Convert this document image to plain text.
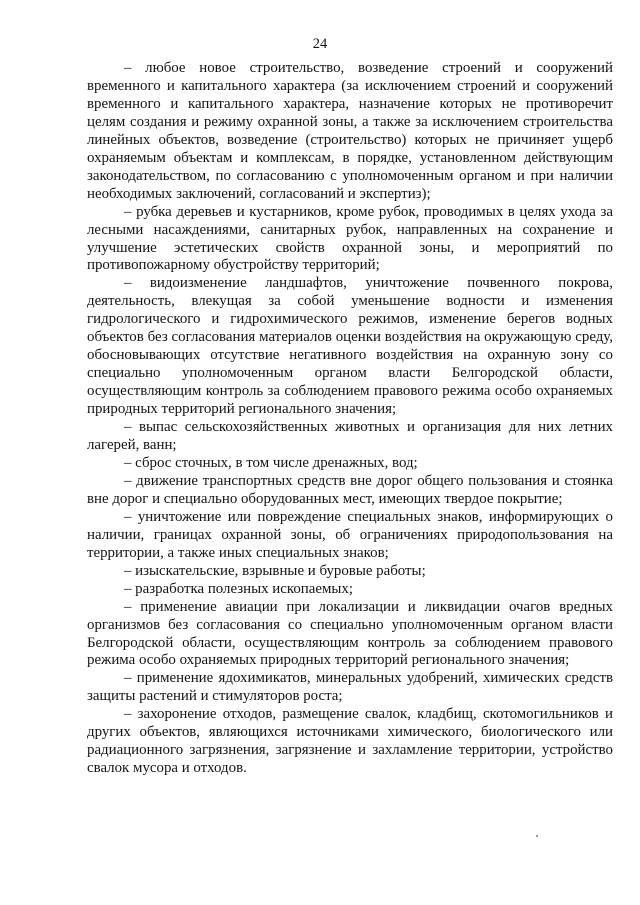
24

– любое новое строительство, возведение строений и сооружений временного и капитального характера (за исключением строений и сооружений временного и капитального характера, назначение которых не противоречит целям создания и режиму охранной зоны, а также за исключением строительства линейных объектов, возведение (строительство) которых не причиняет ущерб охраняемым объектам и комплексам, в порядке, установленном действующим законодательством, по согласованию с уполномоченным органом и при наличии необходимых заключений, согласований и экспертиз);

– рубка деревьев и кустарников, кроме рубок, проводимых в целях ухода за лесными насаждениями, санитарных рубок, направленных на сохранение и улучшение эстетических свойств охранной зоны, и мероприятий по противопожарному обустройству территорий;

– видоизменение ландшафтов, уничтожение почвенного покрова, деятельность, влекущая за собой уменьшение водности и изменения гидрологического и гидрохимического режимов, изменение берегов водных объектов без согласования материалов оценки воздействия на окружающую среду, обосновывающих отсутствие негативного воздействия на охранную зону со специально уполномоченным органом власти Белгородской области, осуществляющим контроль за соблюдением правового режима особо охраняемых природных территорий регионального значения;

– выпас сельскохозяйственных животных и организация для них летних лагерей, ванн;

– сброс сточных, в том числе дренажных, вод;

– движение транспортных средств вне дорог общего пользования и стоянка вне дорог и специально оборудованных мест, имеющих твердое покрытие;

– уничтожение или повреждение специальных знаков, информирующих о наличии, границах охранной зоны, об ограничениях природопользования на территории, а также иных специальных знаков;

– изыскательские, взрывные и буровые работы;

– разработка полезных ископаемых;

– применение авиации при локализации и ликвидации очагов вредных организмов без согласования со специально уполномоченным органом власти Белгородской области, осуществляющим контроль за соблюдением правового режима особо охраняемых природных территорий регионального значения;

– применение ядохимикатов, минеральных удобрений, химических средств защиты растений и стимуляторов роста;

– захоронение отходов, размещение свалок, кладбищ, скотомогильников и других объектов, являющихся источниками химического, биологического или радиационного загрязнения, загрязнение и захламление территории, устройство свалок мусора и отходов.
